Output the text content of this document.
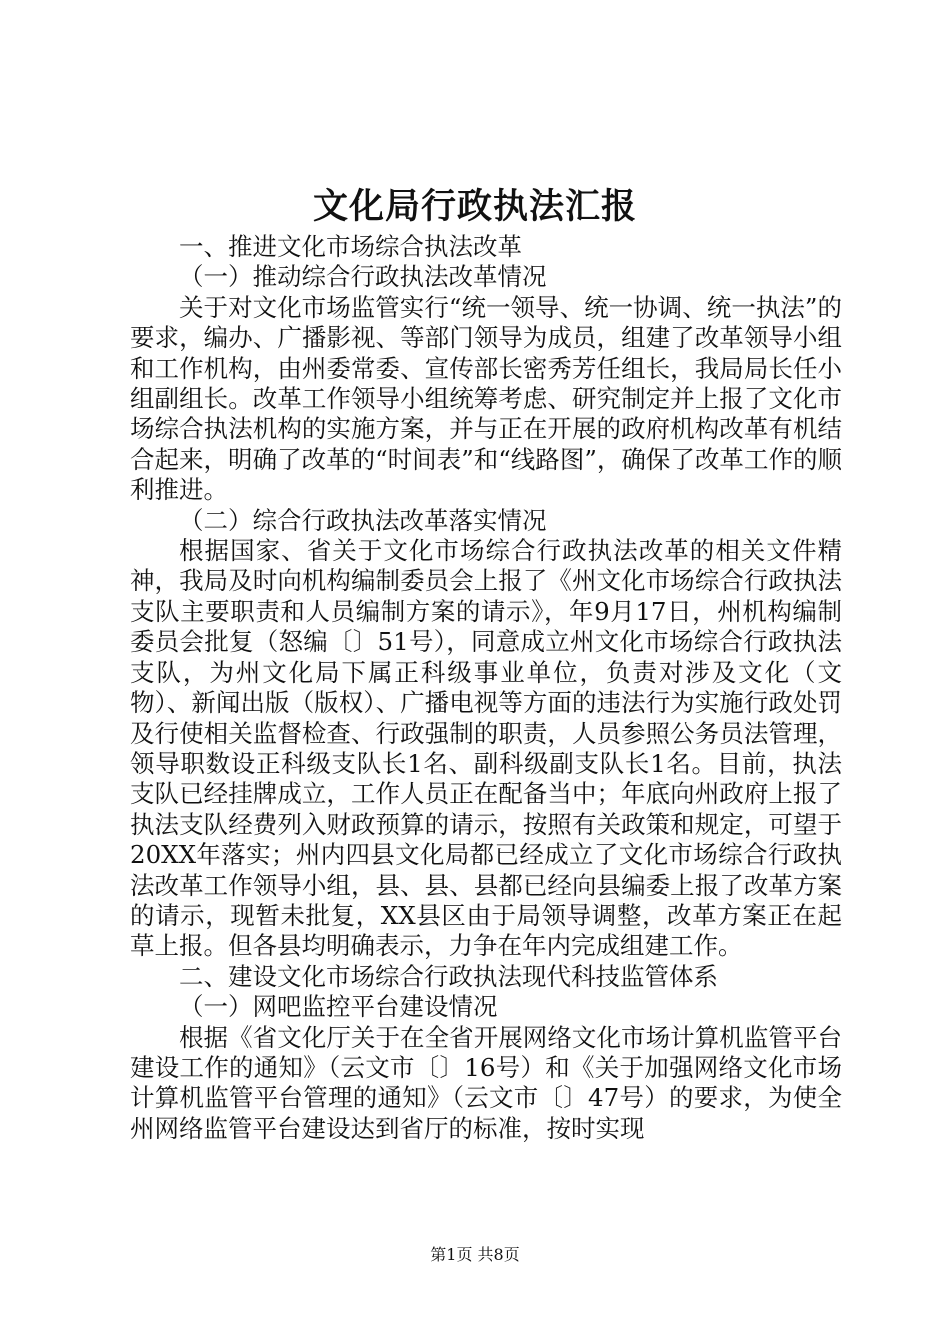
文化局行政执法汇报

一、推进文化市场综合执法改革

（一）推动综合行政执法改革情况

关于对文化市场监管实行“统一领导、统一协调、统一执法”的要求，编办、广播影视、等部门领导为成员，组建了改革领导小组和工作机构，由州委常委、宣传部长密秀芳任组长，我局局长任小组副组长。改革工作领导小组统筹考虑、研究制定并上报了文化市场综合执法机构的实施方案，并与正在开展的政府机构改革有机结合起来，明确了改革的“时间表”和“线路图”，确保了改革工作的顺利推进。

（二）综合行政执法改革落实情况

根据国家、省关于文化市场综合行政执法改革的相关文件精神，我局及时向机构编制委员会上报了《州文化市场综合行政执法支队主要职责和人员编制方案的请示》，年9月17日，州机构编制委员会批复（怒编〔〕51号），同意成立州文化市场综合行政执法支队，为州文化局下属正科级事业单位，负责对涉及文化（文物）、新闻出版（版权）、广播电视等方面的违法行为实施行政处罚及行使相关监督检查、行政强制的职责，人员参照公务员法管理，领导职数设正科级支队长1名、副科级副支队长1名。目前，执法支队已经挂牌成立，工作人员正在配备当中；年底向州政府上报了执法支队经费列入财政预算的请示，按照有关政策和规定，可望于20XX年落实；州内四县文化局都已经成立了文化市场综合行政执法改革工作领导小组，县、县、县都已经向县编委上报了改革方案的请示，现暂未批复，XX县区由于局领导调整，改革方案正在起草上报。但各县均明确表示，力争在年内完成组建工作。

二、建设文化市场综合行政执法现代科技监管体系

（一）网吧监控平台建设情况

根据《省文化厅关于在全省开展网络文化市场计算机监管平台建设工作的通知》（云文市〔〕16号）和《关于加强网络文化市场计算机监管平台管理的通知》（云文市〔〕47号）的要求，为使全州网络监管平台建设达到省厅的标准，按时实现

第1页 共8页
